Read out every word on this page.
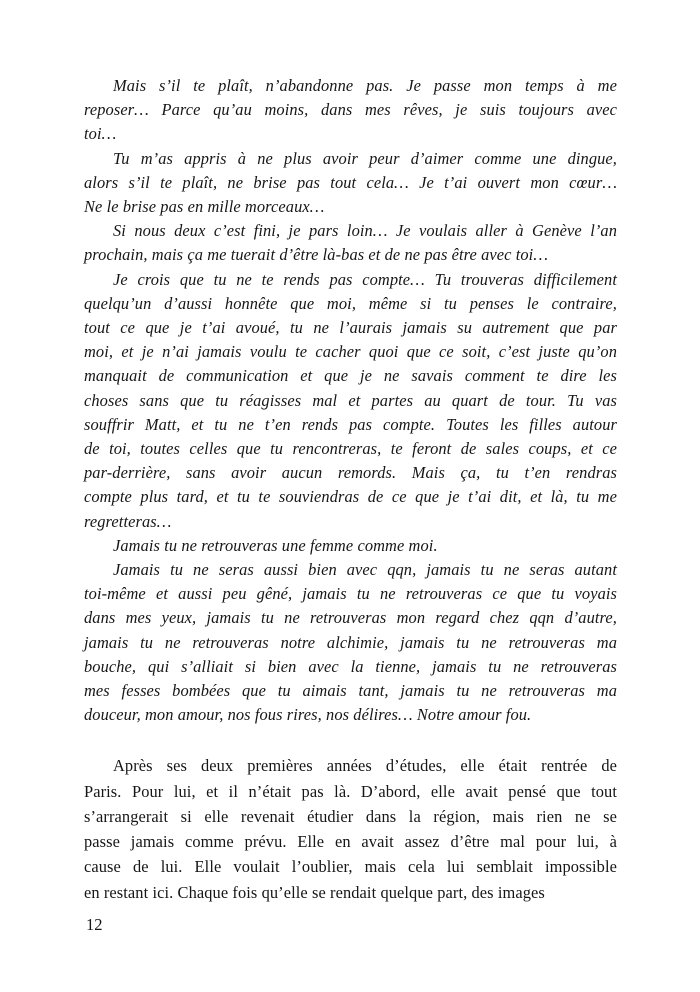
Mais s’il te plaît, n’abandonne pas. Je passe mon temps à me
reposer… Parce qu’au moins, dans mes rêves, je suis toujours avec
toi…
Tu m’as appris à ne plus avoir peur d’aimer comme une dingue,
alors s’il te plaît, ne brise pas tout cela… Je t’ai ouvert mon cœur…
Ne le brise pas en mille morceaux…
Si nous deux c’est fini, je pars loin… Je voulais aller à Genève l’an
prochain, mais ça me tuerait d’être là-bas et de ne pas être avec toi…
Je crois que tu ne te rends pas compte… Tu trouveras difficilement
quelqu’un d’aussi honnête que moi, même si tu penses le contraire,
tout ce que je t’ai avoué, tu ne l’aurais jamais su autrement que par
moi, et je n’ai jamais voulu te cacher quoi que ce soit, c’est juste qu’on
manquait de communication et que je ne savais comment te dire les
choses sans que tu réagisses mal et partes au quart de tour. Tu vas
souffrir Matt, et tu ne t’en rends pas compte. Toutes les filles autour
de toi, toutes celles que tu rencontreras, te feront de sales coups, et ce
par-derrière, sans avoir aucun remords. Mais ça, tu t’en rendras
compte plus tard, et tu te souviendras de ce que je t’ai dit, et là, tu me
regretteras…
Jamais tu ne retrouveras une femme comme moi.
Jamais tu ne seras aussi bien avec qqn, jamais tu ne seras autant
toi-même et aussi peu gêné, jamais tu ne retrouveras ce que tu voyais
dans mes yeux, jamais tu ne retrouveras mon regard chez qqn d’autre,
jamais tu ne retrouveras notre alchimie, jamais tu ne retrouveras ma
bouche, qui s’alliait si bien avec la tienne, jamais tu ne retrouveras
mes fesses bombées que tu aimais tant, jamais tu ne retrouveras ma
douceur, mon amour, nos fous rires, nos délires… Notre amour fou.
Après ses deux premières années d’études, elle était rentrée de
Paris. Pour lui, et il n’était pas là. D’abord, elle avait pensé que tout
s’arrangerait si elle revenait étudier dans la région, mais rien ne se
passe jamais comme prévu. Elle en avait assez d’être mal pour lui, à
cause de lui. Elle voulait l’oublier, mais cela lui semblait impossible
en restant ici. Chaque fois qu’elle se rendait quelque part, des images
12
